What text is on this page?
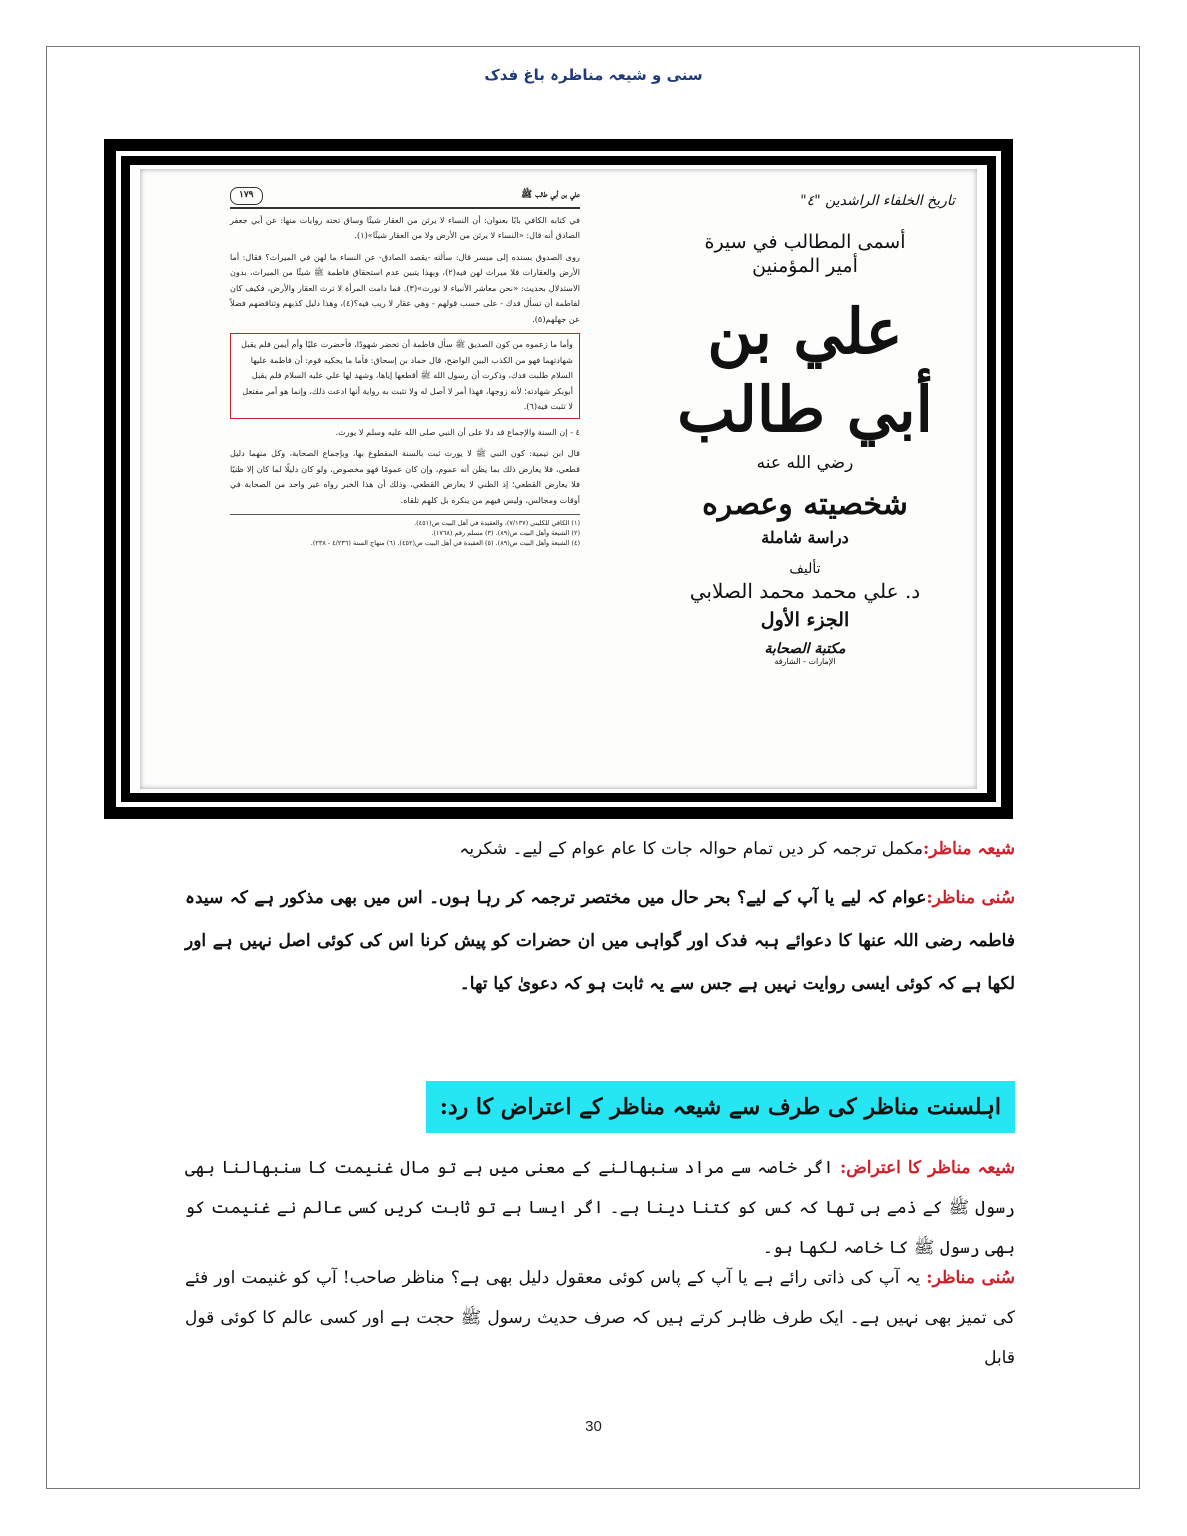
سنی و شیعہ مناظرہ باغ فدک
علي بن أبي طالب ﷺ
١٧٩

في كتابه الكافي بابًا بعنوان: أن النساء لا يرثن من العقار شيئًا وساق تحته روايات منها: عن أبي جعفر الصادق أنه قال: «النساء لا يرثن من الأرض ولا من العقار شيئًا»(١).

روى الصدوق بسنده إلى ميسر قال: سألته -يقصد الصادق- عن النساء ما لهن في الميراث؟ فقال: أما الأرض والعقارات فلا ميراث لهن فيه(٢)، وبهذا يتبين عدم استحقاق فاطمة ﷺ شيئًا من الميراث، بدون الاستدلال بحديث: «نحن معاشر الأنبياء لا نورث»(٣). فما دامت المرأة لا ترث العقار والأرض، فكيف كان لفاطمة أن تسأل فدك - على حسب قولهم - وهي عقار لا ريب فيه؟(٤)، وهذا دليل كذبهم وتناقضهم فضلاً عن جهلهم(٥).

وأما ما زعموه من كون الصديق ﷺ سأل فاطمة أن تحضر شهودًا، فأحضرت عليًا وأم أيمن فلم يقبل شهادتهما فهو من الكذب البين الواضح، قال حماد بن إسحاق: فأما ما يحكيه قوم: أن فاطمة عليها السلام طلبت فدك، وذكرت أن رسول الله ﷺ أقطعها إياها، وشهد لها علي عليه السلام فلم يقبل أبوبكر شهادته؛ لأنه زوجها، فهذا أمر لا أصل له ولا تثبت به رواية أنها ادعت ذلك، وإنما هو أمر مفتعل لا تثبت فيه(٦).

٤ - إن السنة والإجماع قد دلا على أن النبي صلى الله عليه وسلم لا يورث.

قال ابن تيمية: كون النبي ﷺ لا يورث ثبت بالسنة المقطوع بها، وبإجماع الصحابة، وكل منهما دليل قطعي، فلا يعارض ذلك بما يظن أنه عموم، وإن كان عمومًا فهو مخصوص، ولو كان دليلًا لما كان إلا ظنيًا فلا يعارض القطعي؛ إذ الظني لا يعارض القطعي، وذلك أن هذا الخبر رواه غير واحد من الصحابة في أوقات ومجالس، وليس فيهم من ينكره بل كلهم تلقاه.

(١) الكافي للكليني (٧/١٣٧)، والعقيدة في أهل البيت ص(٤٥١).
(٢) الشيعة وأهل البيت ص(٨٩). (٣) مسلم رقم (١٧٦٨).
(٤) الشيعة وأهل البيت ص(٨٩). (٥) العقيدة في أهل البيت ص(٤٥٢). (٦) منهاج السنة (٤/٢٣٦ - ٢٣٨).
تاريخ الخلفاء الراشدين "٤"
أسمى المطالب في سيرة
أمير المؤمنين
علي بن أبي طالب
رضي الله عنه
شخصيته وعصره
دراسة شاملة
تأليف
د. علي محمد محمد الصلابي
الجزء الأول
مكتبة الصحابة
الإمارات - الشارقة
شیعہ مناظر:مکمل ترجمہ کر دیں تمام حوالہ جات کا عام عوام کے لیے۔ شکریہ
سُنی مناظر:عوام کہ لیے یا آپ کے لیے؟ بحر حال میں مختصر ترجمہ کر رہا ہوں۔ اس میں بھی مذکور ہے کہ سیدہ فاطمہ رضی اللہ عنھا کا دعوائے ہبہ فدک اور گواہی میں ان حضرات کو پیش کرنا اس کی کوئی اصل نہیں ہے اور لکھا ہے کہ کوئی ایسی روایت نہیں ہے جس سے یہ ثابت ہو کہ دعویٰ کیا تھا۔
اہلسنت مناظر کی طرف سے شیعہ مناظر کے اعتراض کا رد:
شیعہ مناظر کا اعتراض: اگر خاصہ سے مراد سنبھالنے کے معنی میں ہے تو مال غنیمت کا سنبھالنا بھی رسول ﷺ کے ذمے ہی تھا کہ کس کو کتنا دینا ہے۔ اگر ایسا ہے تو ثابت کریں کسی عالم نے غنیمت کو بھی رسول ﷺ کا خاصہ لکھا ہو۔
سُنی مناظر: یہ آپ کی ذاتی رائے ہے یا آپ کے پاس کوئی معقول دلیل بھی ہے؟ مناظر صاحب! آپ کو غنیمت اور فئے کی تمیز بھی نہیں ہے۔ ایک طرف ظاہر کرتے ہیں کہ صرف حدیث رسول ﷺ حجت ہے اور کسی عالم کا کوئی قول قابل
30
